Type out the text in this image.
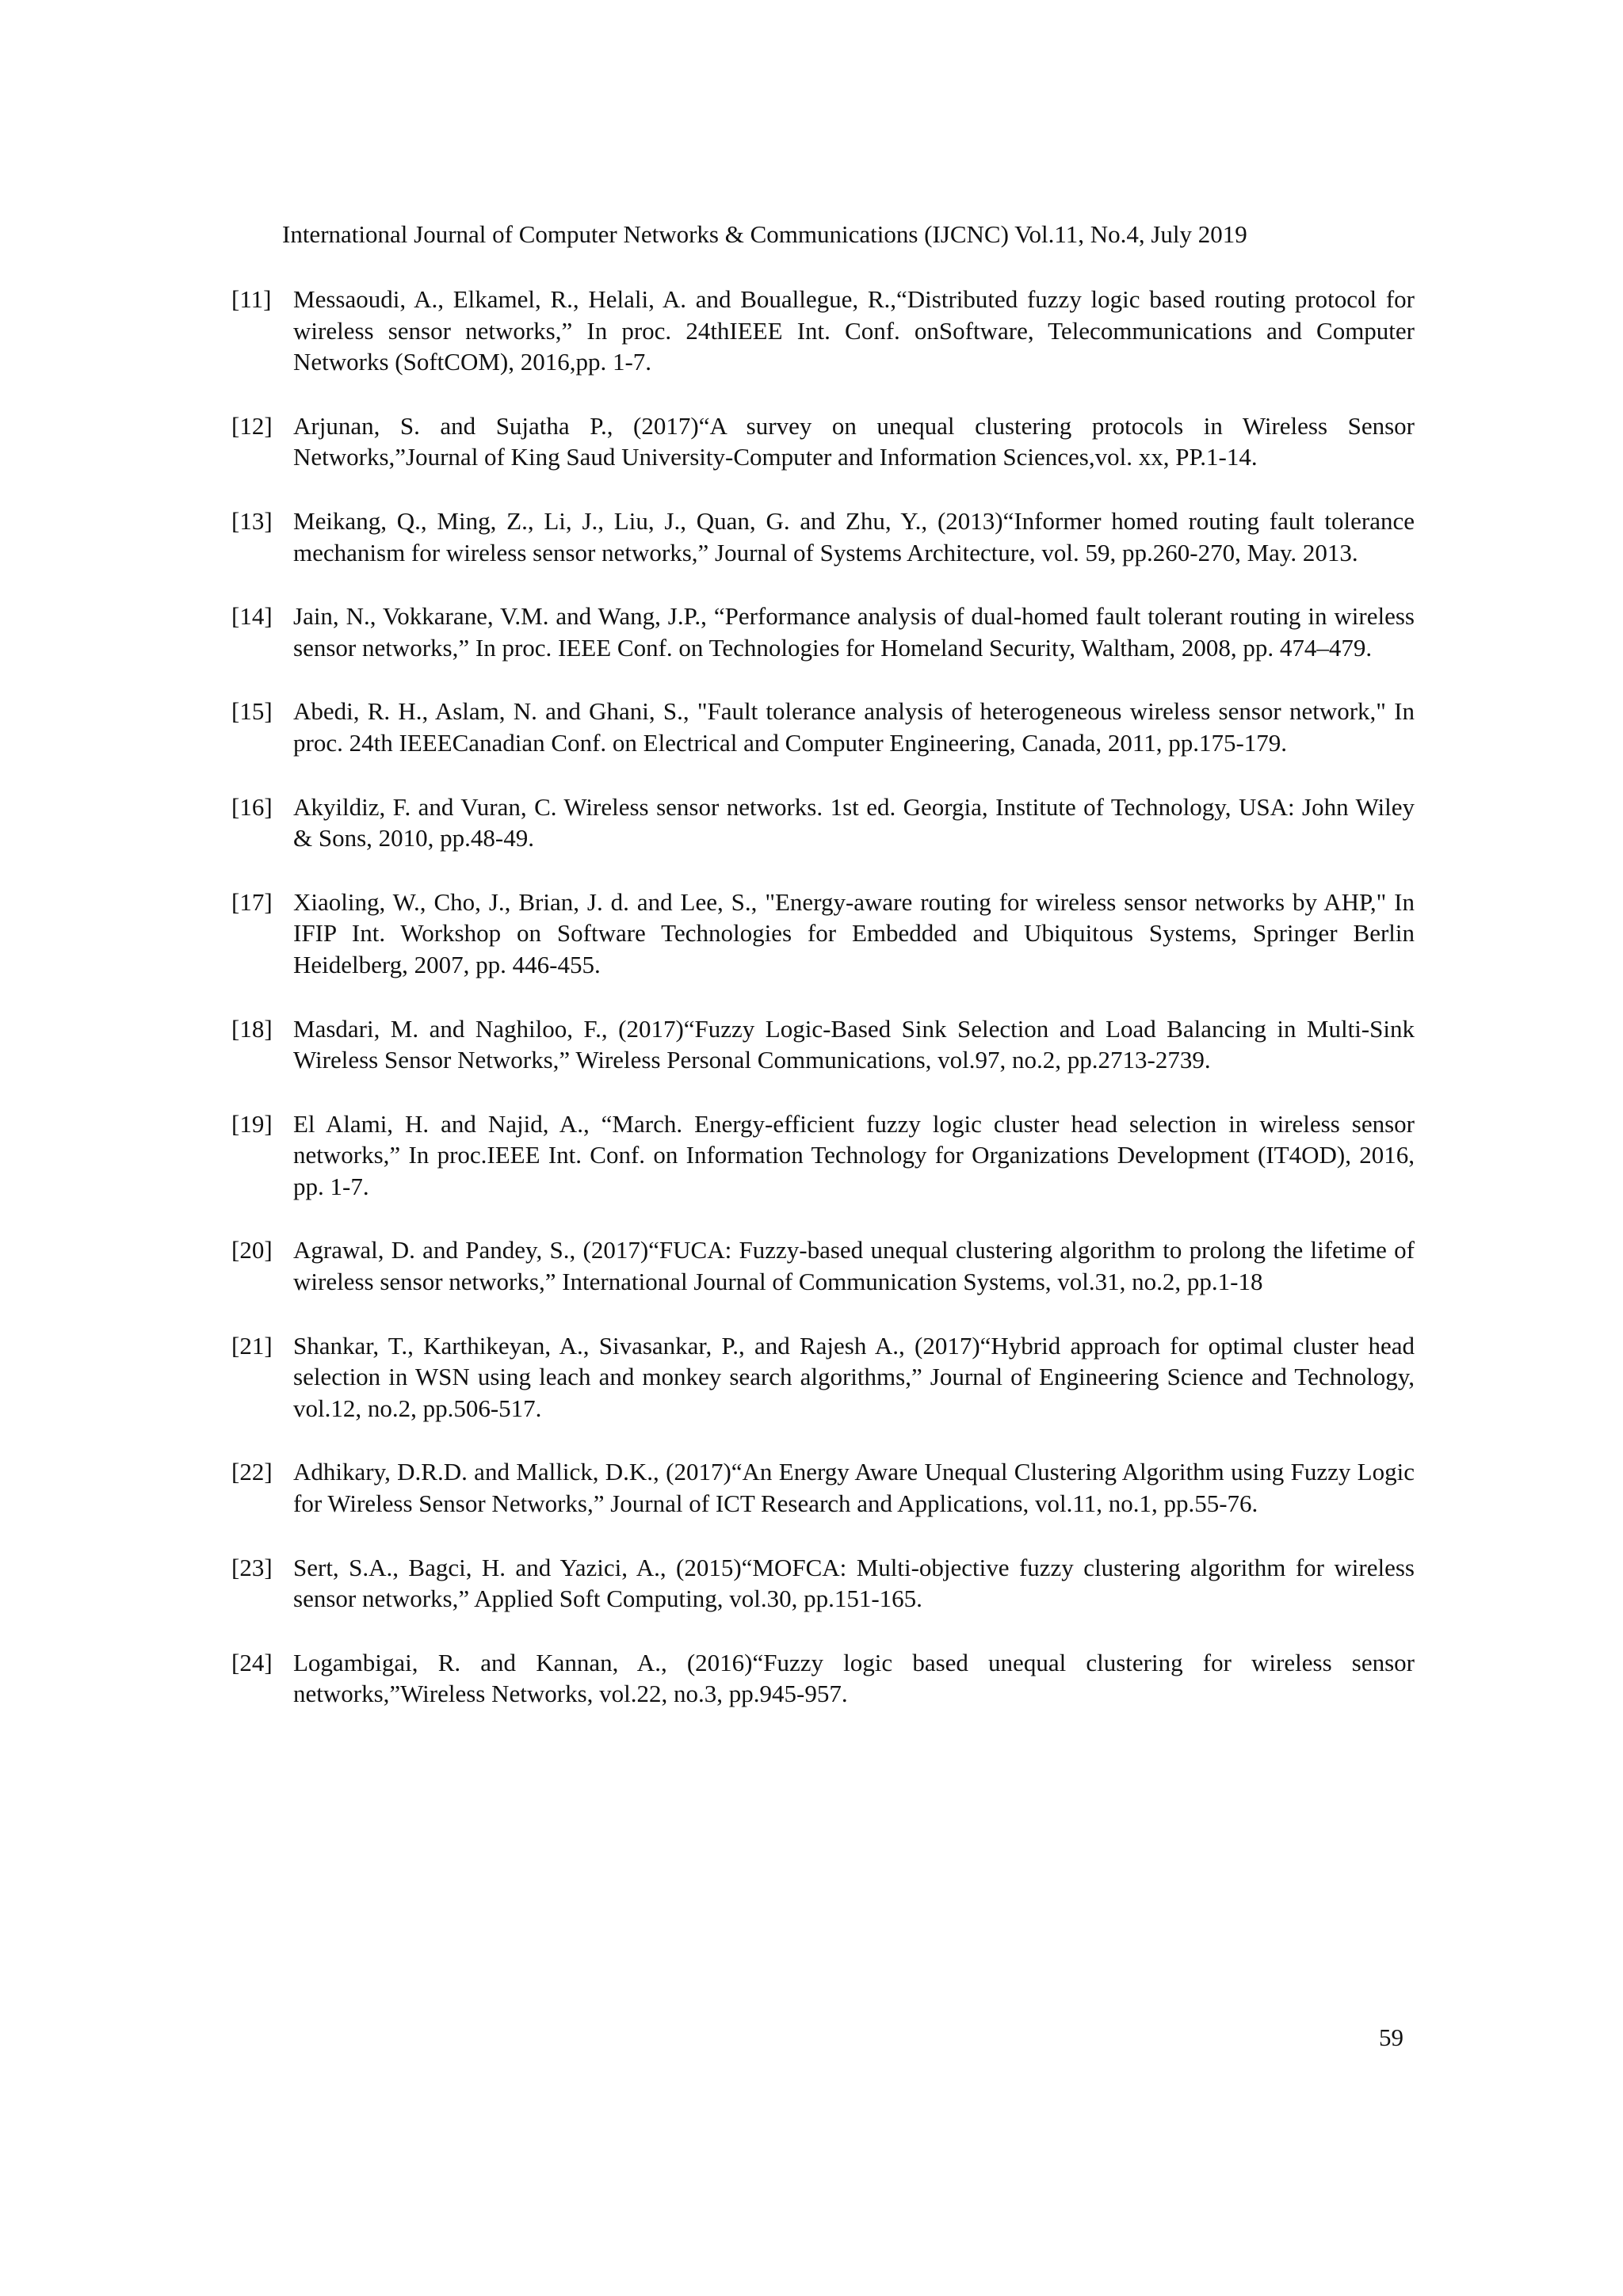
International Journal of Computer Networks & Communications (IJCNC) Vol.11, No.4, July 2019
[11] Messaoudi, A., Elkamel, R., Helali, A. and Bouallegue, R.,“Distributed fuzzy logic based routing protocol for wireless sensor networks,” In proc. 24thIEEE Int. Conf. onSoftware, Telecommunications and Computer Networks (SoftCOM), 2016,pp. 1-7.
[12] Arjunan, S. and Sujatha P., (2017)“A survey on unequal clustering protocols in Wireless Sensor Networks,”Journal of King Saud University-Computer and Information Sciences,vol. xx, PP.1-14.
[13] Meikang, Q., Ming, Z., Li, J., Liu, J., Quan, G. and Zhu, Y., (2013)“Informer homed routing fault tolerance mechanism for wireless sensor networks,” Journal of Systems Architecture, vol. 59, pp.260-270, May. 2013.
[14] Jain, N., Vokkarane, V.M. and Wang, J.P., “Performance analysis of dual-homed fault tolerant routing in wireless sensor networks,” In proc. IEEE Conf. on Technologies for Homeland Security, Waltham, 2008, pp. 474–479.
[15] Abedi, R. H., Aslam, N. and Ghani, S., "Fault tolerance analysis of heterogeneous wireless sensor network," In proc. 24th IEEECanadian Conf. on Electrical and Computer Engineering, Canada, 2011, pp.175-179.
[16] Akyildiz, F. and Vuran, C. Wireless sensor networks. 1st ed. Georgia, Institute of Technology, USA: John Wiley & Sons, 2010, pp.48-49.
[17] Xiaoling, W., Cho, J., Brian, J. d. and Lee, S., "Energy-aware routing for wireless sensor networks by AHP," In IFIP Int. Workshop on Software Technologies for Embedded and Ubiquitous Systems, Springer Berlin Heidelberg, 2007, pp. 446-455.
[18] Masdari, M. and Naghiloo, F., (2017)“Fuzzy Logic-Based Sink Selection and Load Balancing in Multi-Sink Wireless Sensor Networks,” Wireless Personal Communications, vol.97, no.2, pp.2713-2739.
[19] El Alami, H. and Najid, A., “March. Energy-efficient fuzzy logic cluster head selection in wireless sensor networks,” In proc.IEEE Int. Conf. on Information Technology for Organizations Development (IT4OD), 2016, pp. 1-7.
[20] Agrawal, D. and Pandey, S., (2017)“FUCA: Fuzzy-based unequal clustering algorithm to prolong the lifetime of wireless sensor networks,” International Journal of Communication Systems, vol.31, no.2, pp.1-18
[21] Shankar, T., Karthikeyan, A., Sivasankar, P., and Rajesh A., (2017)“Hybrid approach for optimal cluster head selection in WSN using leach and monkey search algorithms,” Journal of Engineering Science and Technology, vol.12, no.2, pp.506-517.
[22] Adhikary, D.R.D. and Mallick, D.K., (2017)“An Energy Aware Unequal Clustering Algorithm using Fuzzy Logic for Wireless Sensor Networks,” Journal of ICT Research and Applications, vol.11, no.1, pp.55-76.
[23] Sert, S.A., Bagci, H. and Yazici, A., (2015)“MOFCA: Multi-objective fuzzy clustering algorithm for wireless sensor networks,” Applied Soft Computing, vol.30, pp.151-165.
[24] Logambigai, R. and Kannan, A., (2016)“Fuzzy logic based unequal clustering for wireless sensor networks,”Wireless Networks, vol.22, no.3, pp.945-957.
59
